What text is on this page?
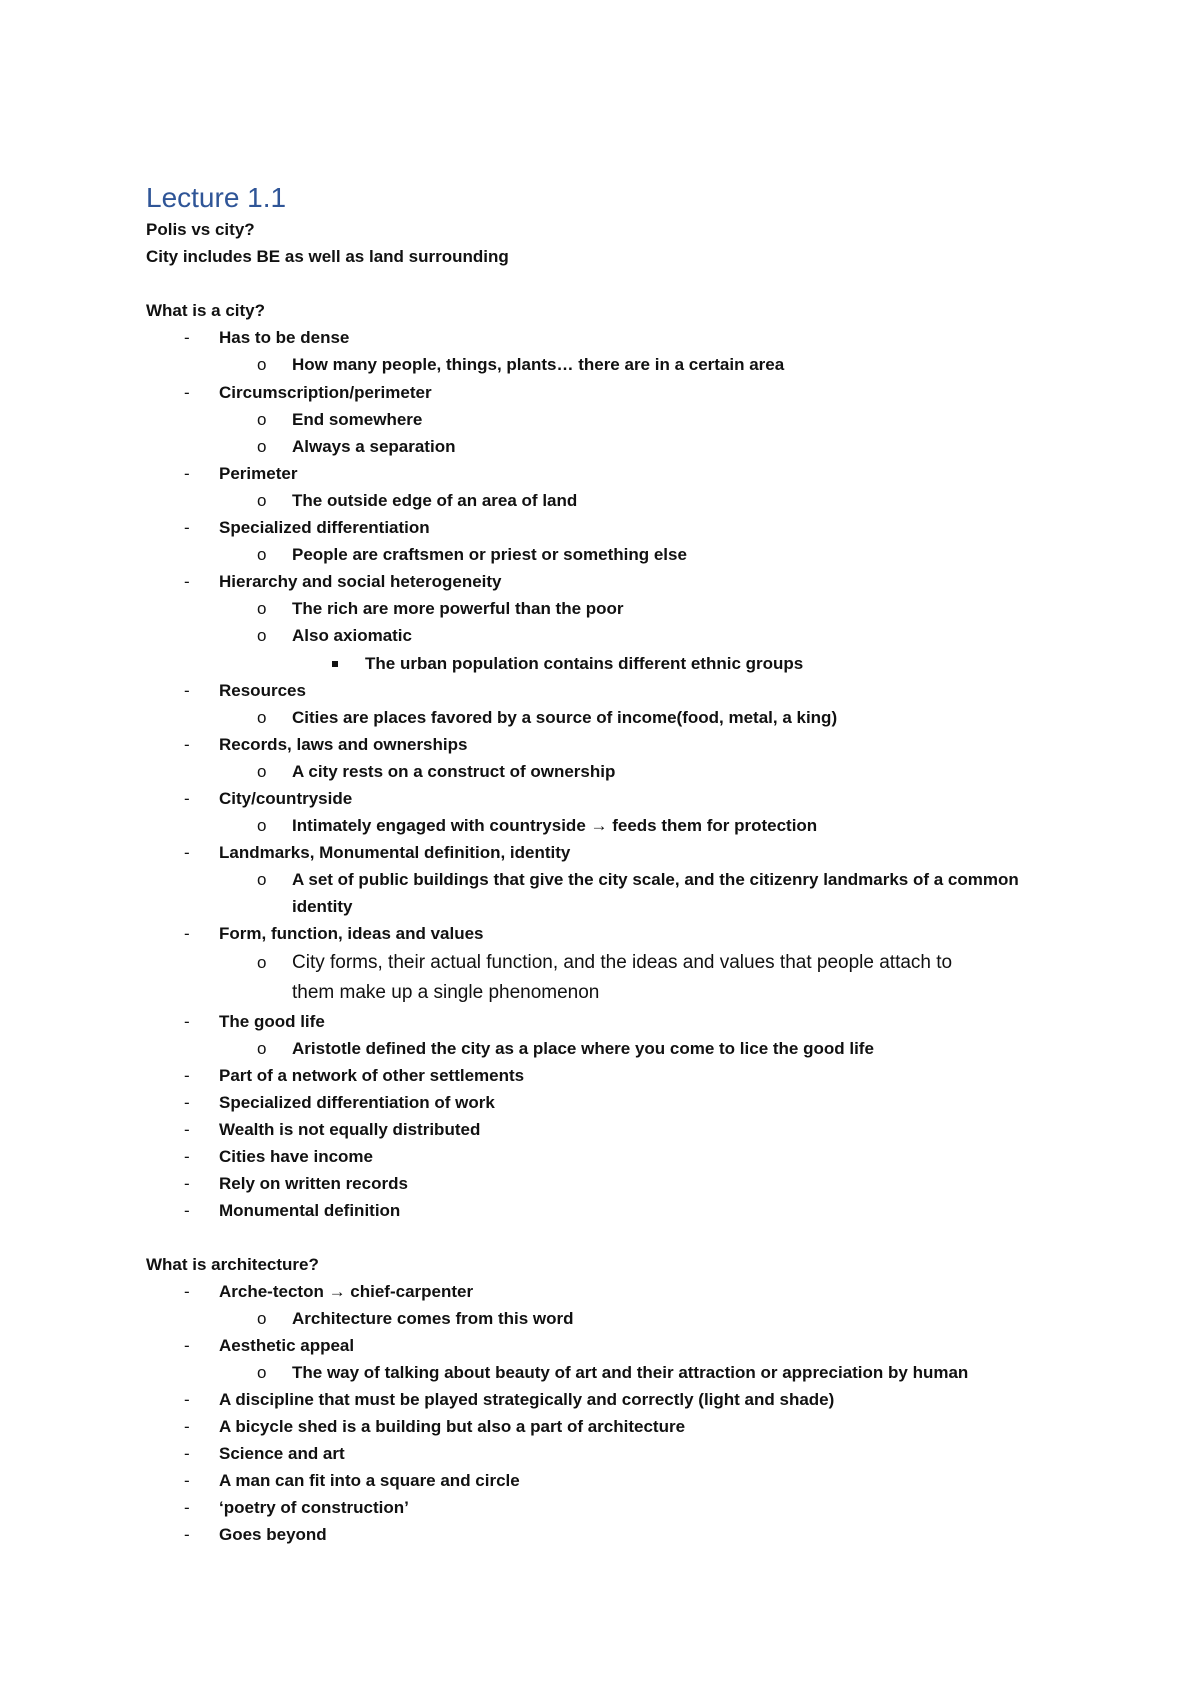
Lecture 1.1
Polis vs city?
City includes BE as well as land surrounding
What is a city?
- Has to be dense
o How many people, things, plants… there are in a certain area
- Circumscription/perimeter
o End somewhere
o Always a separation
- Perimeter
o The outside edge of an area of land
- Specialized differentiation
o People are craftsmen or priest or something else
- Hierarchy and social heterogeneity
o The rich are more powerful than the poor
o Also axiomatic
The urban population contains different ethnic groups
- Resources
o Cities are places favored by a source of income(food, metal, a king)
- Records, laws and ownerships
o A city rests on a construct of ownership
- City/countryside
o Intimately engaged with countryside → feeds them for protection
- Landmarks, Monumental definition, identity
o A set of public buildings that give the city scale, and the citizenry landmarks of a common
identity
- Form, function, ideas and values
o City forms, their actual function, and the ideas and values that people attach to
them make up a single phenomenon
- The good life
o Aristotle defined the city as a place where you come to lice the good life
- Part of a network of other settlements
- Specialized differentiation of work
- Wealth is not equally distributed
- Cities have income
- Rely on written records
- Monumental definition
What is architecture?
- Arche-tecton → chief-carpenter
o Architecture comes from this word
- Aesthetic appeal
o The way of talking about beauty of art and their attraction or appreciation by human
- A discipline that must be played strategically and correctly (light and shade)
- A bicycle shed is a building but also a part of architecture
- Science and art
- A man can fit into a square and circle
- ‘poetry of construction’
- Goes beyond
